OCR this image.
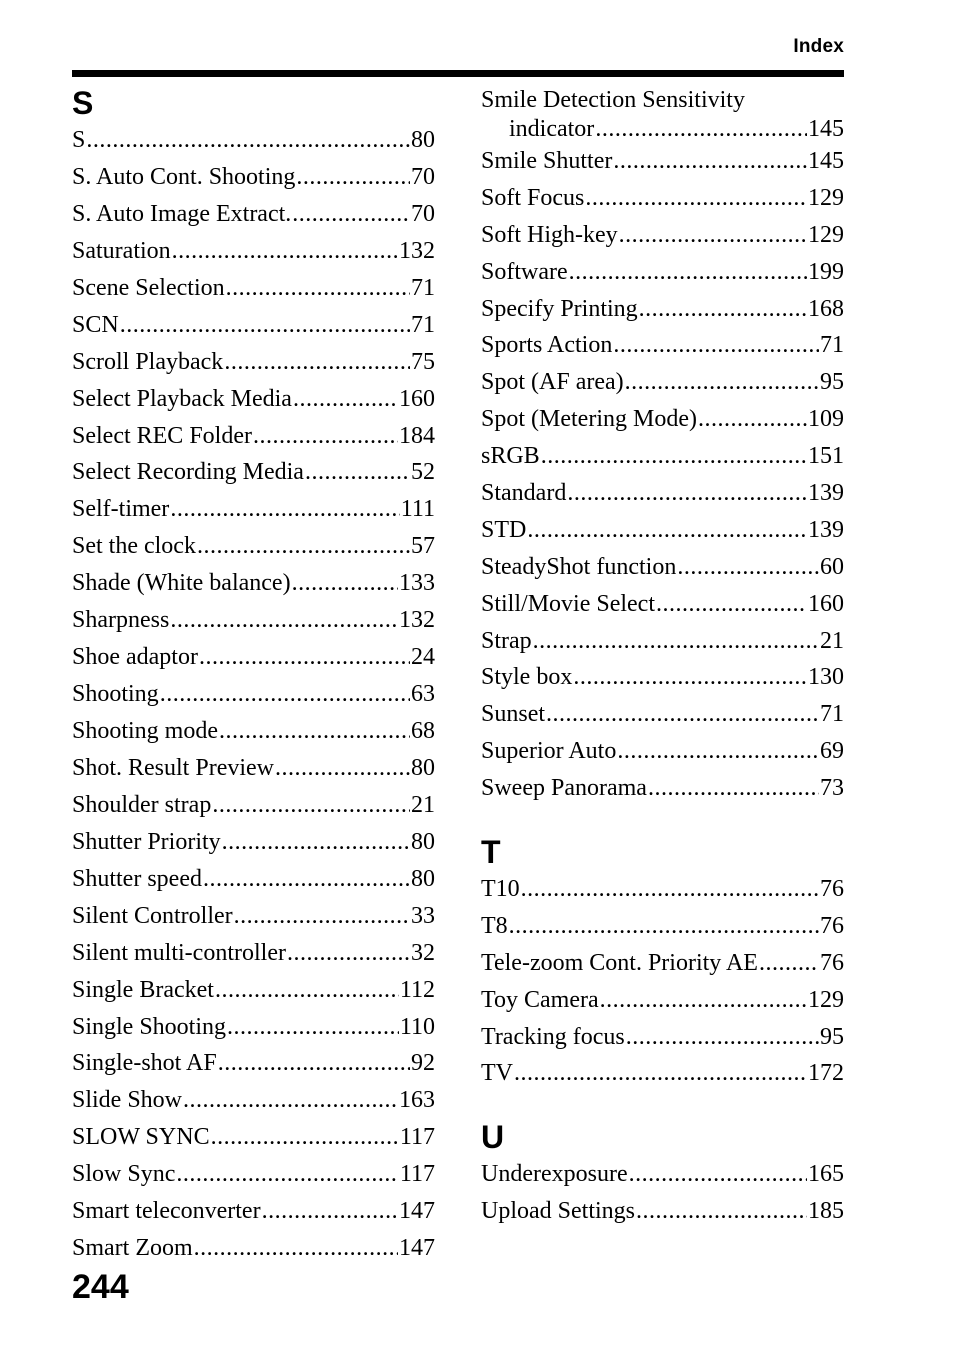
Index
S
S .....	80
S. Auto Cont. Shooting .....	70
S. Auto Image Extract. .....	70
Saturation .....	132
Scene Selection .....	71
SCN .....	71
Scroll Playback .....	75
Select Playback Media .....	160
Select REC Folder .....	184
Select Recording Media .....	52
Self-timer .....	111
Set the clock .....	57
Shade (White balance) .....	133
Sharpness .....	132
Shoe adaptor .....	24
Shooting .....	63
Shooting mode .....	68
Shot. Result Preview .....	80
Shoulder strap .....	21
Shutter Priority .....	80
Shutter speed .....	80
Silent Controller .....	33
Silent multi-controller .....	32
Single Bracket .....	112
Single Shooting .....	110
Single-shot AF .....	92
Slide Show .....	163
SLOW SYNC .....	117
Slow Sync .....	117
Smart teleconverter .....	147
Smart Zoom .....	147
Smile Detection Sensitivity
indicator .....	145
Smile Shutter .....	145
Soft Focus .....	129
Soft High-key .....	129
Software .....	199
Specify Printing .....	168
Sports Action .....	71
Spot (AF area) .....	95
Spot (Metering Mode) .....	109
sRGB .....	151
Standard .....	139
STD .....	139
SteadyShot function .....	60
Still/Movie Select .....	160
Strap .....	21
Style box .....	130
Sunset .....	71
Superior Auto .....	69
Sweep Panorama .....	73
T
T10 .....	76
T8 .....	76
Tele-zoom Cont. Priority AE .....	76
Toy Camera .....	129
Tracking focus .....	95
TV .....	172
U
Underexposure .....	165
Upload Settings .....	185
244
